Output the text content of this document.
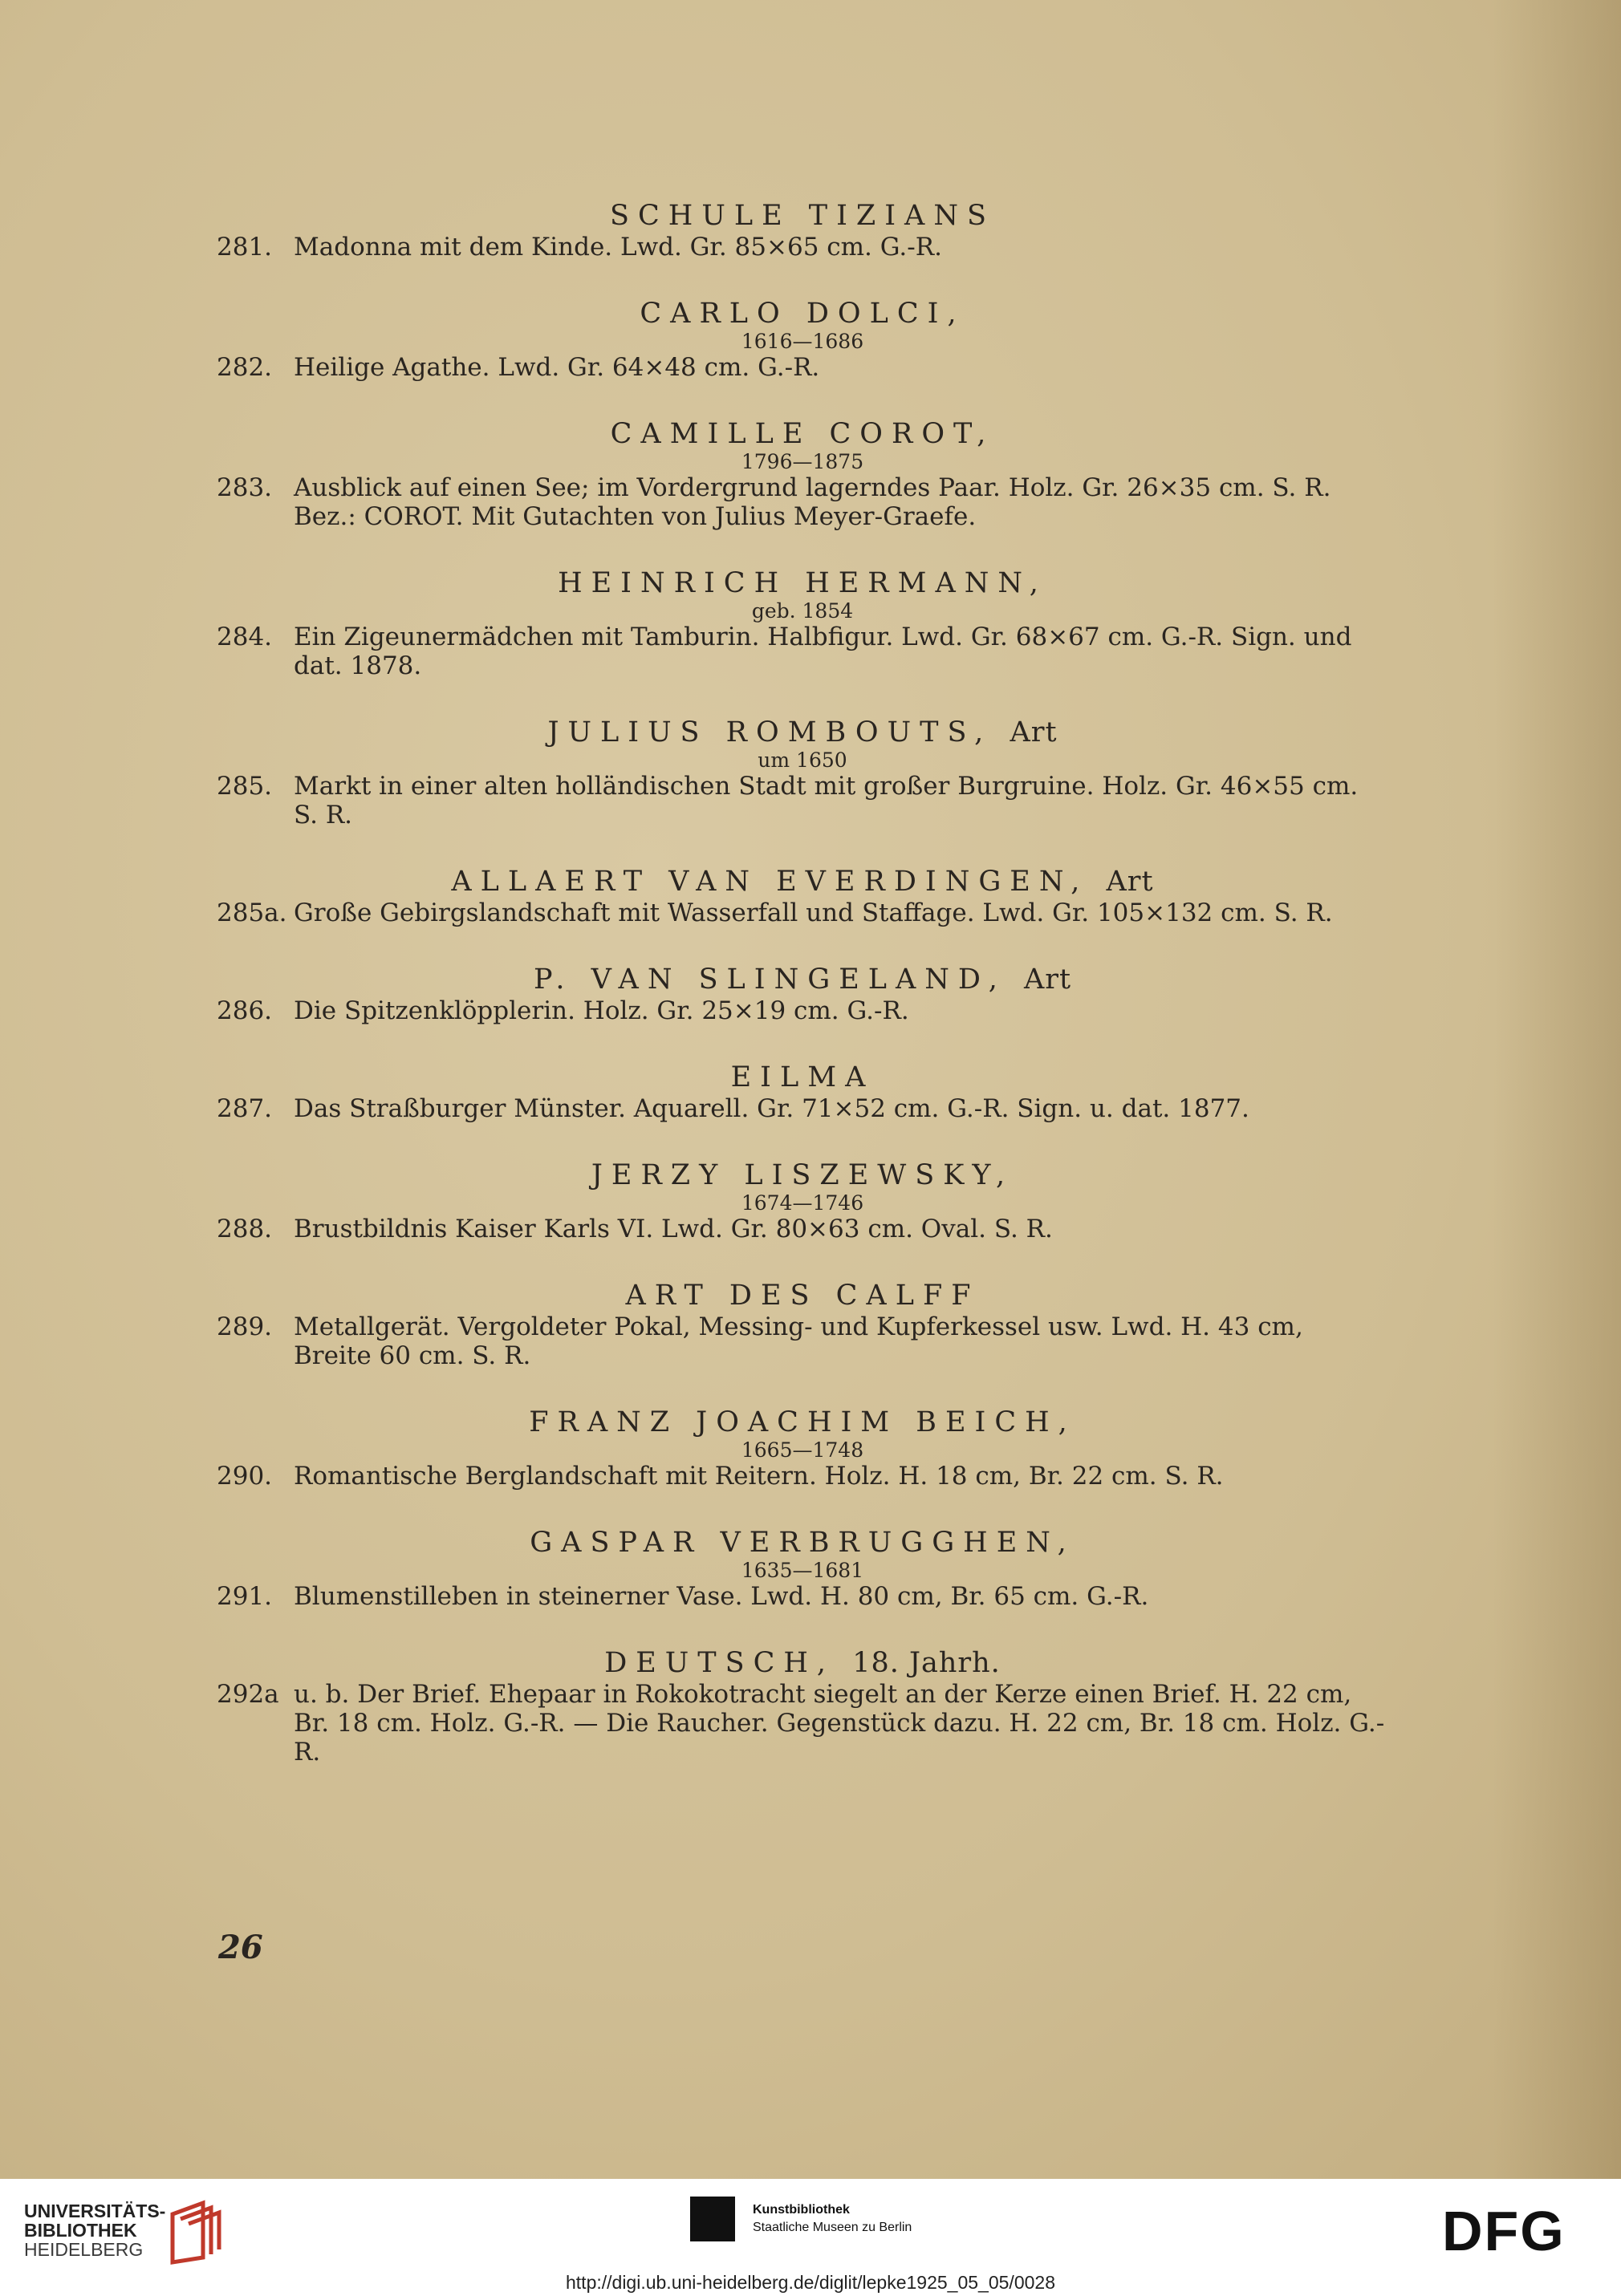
SCHULE TIZIANS
281. Madonna mit dem Kinde. Lwd. Gr. 85×65 cm. G.-R.
CARLO DOLCI,
1616—1686
282. Heilige Agathe. Lwd. Gr. 64×48 cm. G.-R.
CAMILLE COROT,
1796—1875
283. Ausblick auf einen See; im Vordergrund lagerndes Paar. Holz. Gr. 26×35 cm. S. R. Bez.: COROT. Mit Gutachten von Julius Meyer-Graefe.
HEINRICH HERMANN,
geb. 1854
284. Ein Zigeunermädchen mit Tamburin. Halbfigur. Lwd. Gr. 68×67 cm. G.-R. Sign. und dat. 1878.
JULIUS ROMBOUTS, Art
um 1650
285. Markt in einer alten holländischen Stadt mit großer Burgruine. Holz. Gr. 46×55 cm. S. R.
ALLAERT VAN EVERDINGEN, Art
285a. Große Gebirgslandschaft mit Wasserfall und Staffage. Lwd. Gr. 105×132 cm. S. R.
P. VAN SLINGELAND, Art
286. Die Spitzenklöpplerin. Holz. Gr. 25×19 cm. G.-R.
EILMA
287. Das Straßburger Münster. Aquarell. Gr. 71×52 cm. G.-R. Sign. u. dat. 1877.
JERZY LISZEWSKY,
1674—1746
288. Brustbildnis Kaiser Karls VI. Lwd. Gr. 80×63 cm. Oval. S. R.
ART DES CALFF
289. Metallgerät. Vergoldeter Pokal, Messing- und Kupferkessel usw. Lwd. H. 43 cm, Breite 60 cm. S. R.
FRANZ JOACHIM BEICH,
1665—1748
290. Romantische Berglandschaft mit Reitern. Holz. H. 18 cm, Br. 22 cm. S. R.
GASPAR VERBRUGGHEN,
1635—1681
291. Blumenstilleben in steinerner Vase. Lwd. H. 80 cm, Br. 65 cm. G.-R.
DEUTSCH, 18. Jahrh.
292a u. b. Der Brief. Ehepaar in Rokokotracht siegelt an der Kerze einen Brief. H. 22 cm, Br. 18 cm. Holz. G.-R. — Die Raucher. Gegenstück dazu. H. 22 cm, Br. 18 cm. Holz. G.-R.
26
UNIVERSITÄTS-
BIBLIOTHEK
HEIDELBERG
Kunstbibliothek
Staatliche Museen zu Berlin	DFG
http://digi.ub.uni-heidelberg.de/diglit/lepke1925_05_05/0028
